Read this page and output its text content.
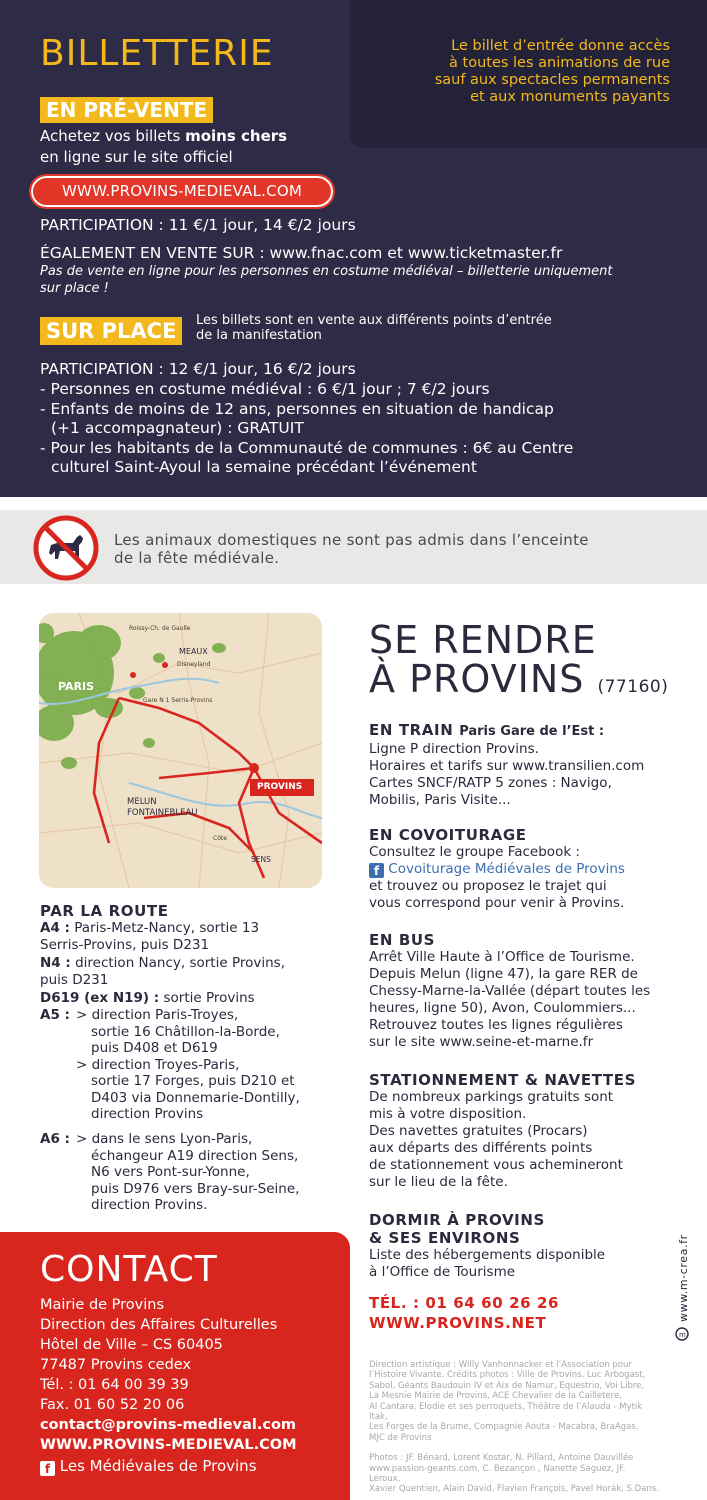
Le billet d’entrée donne accès
à toutes les animations de rue
sauf aux spectacles permanents
et aux monuments payants
BILLETTERIE
EN PRÉ-VENTE
Achetez vos billets moins chers
en ligne sur le site officiel
WWW.PROVINS-MEDIEVAL.COM
PARTICIPATION : 11 €/1 jour, 14 €/2 jours
ÉGALEMENT EN VENTE SUR : www.fnac.com et www.ticketmaster.fr
Pas de vente en ligne pour les personnes en costume médiéval – billetterie uniquement
sur place !
SUR PLACE	Les billets sont en vente aux différents points d’entrée
de la manifestation
PARTICIPATION : 12 €/1 jour, 16 €/2 jours
- Personnes en costume médiéval : 6 €/1 jour ; 7 €/2 jours
- Enfants de moins de 12 ans, personnes en situation de handicap
(+1 accompagnateur) : GRATUIT
- Pour les habitants de la Communauté de communes : 6€ au Centre
culturel Saint-Ayoul la semaine précédant l’événement
Les animaux domestiques ne sont pas admis dans l’enceinte
de la fête médiévale.
Roissy-Ch. de Gaulle
MEAUX
PARIS
Disneyland
Gare N 1 Serris-Provins
MELUN
FONTAINEBLEAU
PROVINS
SENS
Côte
PAR LA ROUTE
A4 : Paris-Metz-Nancy, sortie 13
Serris-Provins, puis D231
N4 : direction Nancy, sortie Provins,
puis D231
D619 (ex N19) : sortie Provins
A5 : > direction Paris-Troyes,
sortie 16 Châtillon-la-Borde,
puis D408 et D619
> direction Troyes-Paris,
sortie 17 Forges, puis D210 et
D403 via Donnemarie-Dontilly,
direction Provins
A6 : > dans le sens Lyon-Paris,
échangeur A19 direction Sens,
N6 vers Pont-sur-Yonne,
puis D976 vers Bray-sur-Seine,
direction Provins.
SE RENDRE
À PROVINS (77160)
EN TRAIN Paris Gare de l’Est :
Ligne P direction Provins.
Horaires et tarifs sur www.transilien.com
Cartes SNCF/RATP 5 zones : Navigo,
Mobilis, Paris Visite...
EN COVOITURAGE
Consultez le groupe Facebook :
f Covoiturage Médiévales de Provins
et trouvez ou proposez le trajet qui
vous correspond pour venir à Provins.
EN BUS
Arrêt Ville Haute à l’Office de Tourisme.
Depuis Melun (ligne 47), la gare RER de
Chessy-Marne-la-Vallée (départ toutes les
heures, ligne 50), Avon, Coulommiers...
Retrouvez toutes les lignes régulières
sur le site www.seine-et-marne.fr
STATIONNEMENT & NAVETTES
De nombreux parkings gratuits sont
mis à votre disposition.
Des navettes gratuites (Procars)
aux départs des différents points
de stationnement vous achemineront
sur le lieu de la fête.
DORMIR À PROVINS
& SES ENVIRONS
Liste des hébergements disponible
à l’Office de Tourisme
TÉL. : 01 64 60 26 26
WWW.PROVINS.NET
Direction artistique : Willy Vanhonnacker et l’Association pour
l’Histoire Vivante. Crédits photos : Ville de Provins, Luc Arbogast,
Sabol, Géants Baudouin IV et Aix de Namur, Equestrio, Voi Libre,
La Mesnie Mairie de Provins, ACE Chevalier de la Cailletere,
Al Cantara, Elodie et ses perroquets, Théâtre de l’Alauda - Mytik Itak,
Les Forges de la Brume, Compagnie Aouta - Macabra, BraAgas,
MJC de Provins
Photos : JF. Bénard, Lorent Kostar, N. Pillard, Antoine Dauvillée
www.passion-geants.com, C. Bezançon , Nanette Saguez, JF. Leroux,
Xavier Quentien, Alain David, Flavien François, Pavel Horák, S.Dans.
www.m-crea.fr
m
CONTACT
Mairie de Provins
Direction des Affaires Culturelles
Hôtel de Ville – CS 60405
77487 Provins cedex
Tél. : 01 64 00 39 39
Fax. 01 60 52 20 06
contact@provins-medieval.com
WWW.PROVINS-MEDIEVAL.COM
f Les Médiévales de Provins
